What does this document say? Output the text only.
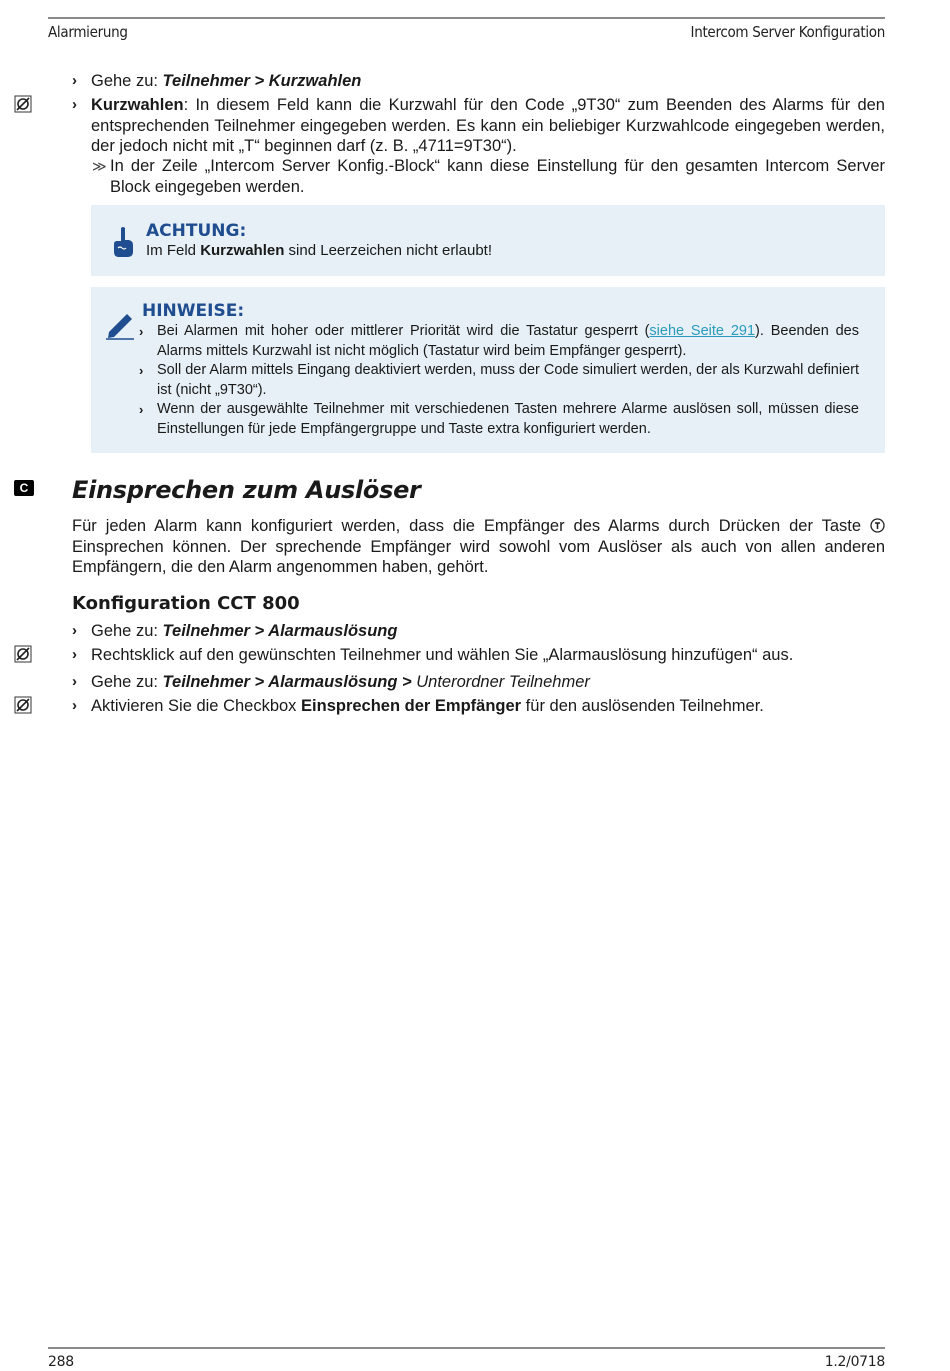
Alarmierung	Intercom Server Konfiguration
› Gehe zu: Teilnehmer > Kurzwahlen
› Kurzwahlen: In diesem Feld kann die Kurzwahl für den Code „9T30“ zum Beenden des Alarms für den entsprechenden Teilnehmer eingegeben werden. Es kann ein beliebiger Kurzwahlcode eingegeben werden, der jedoch nicht mit „T“ beginnen darf (z. B. „4711=9T30“).
≫ In der Zeile „Intercom Server Konfig.-Block“ kann diese Einstellung für den gesamten Intercom Server Block eingegeben werden.
ACHTUNG:
Im Feld Kurzwahlen sind Leerzeichen nicht erlaubt!
HINWEISE:
› Bei Alarmen mit hoher oder mittlerer Priorität wird die Tastatur gesperrt (siehe Seite 291). Beenden des Alarms mittels Kurzwahl ist nicht möglich (Tastatur wird beim Empfänger gesperrt).
› Soll der Alarm mittels Eingang deaktiviert werden, muss der Code simuliert werden, der als Kurzwahl definiert ist (nicht „9T30“).
› Wenn der ausgewählte Teilnehmer mit verschiedenen Tasten mehrere Alarme auslösen soll, müssen diese Einstellungen für jede Empfängergruppe und Taste extra konfiguriert werden.
C Einsprechen zum Auslöser
Für jeden Alarm kann konfiguriert werden, dass die Empfänger des Alarms durch Drücken der Taste  Einsprechen können. Der sprechende Empfänger wird sowohl vom Auslöser als auch von allen anderen Empfängern, die den Alarm angenommen haben, gehört.
Konfiguration CCT 800
› Gehe zu: Teilnehmer > Alarmauslösung
› Rechtsklick auf den gewünschten Teilnehmer und wählen Sie „Alarmauslösung hinzufügen“ aus.
› Gehe zu: Teilnehmer > Alarmauslösung > Unterordner Teilnehmer
› Aktivieren Sie die Checkbox Einsprechen der Empfänger für den auslösenden Teilnehmer.
288	1.2/0718
